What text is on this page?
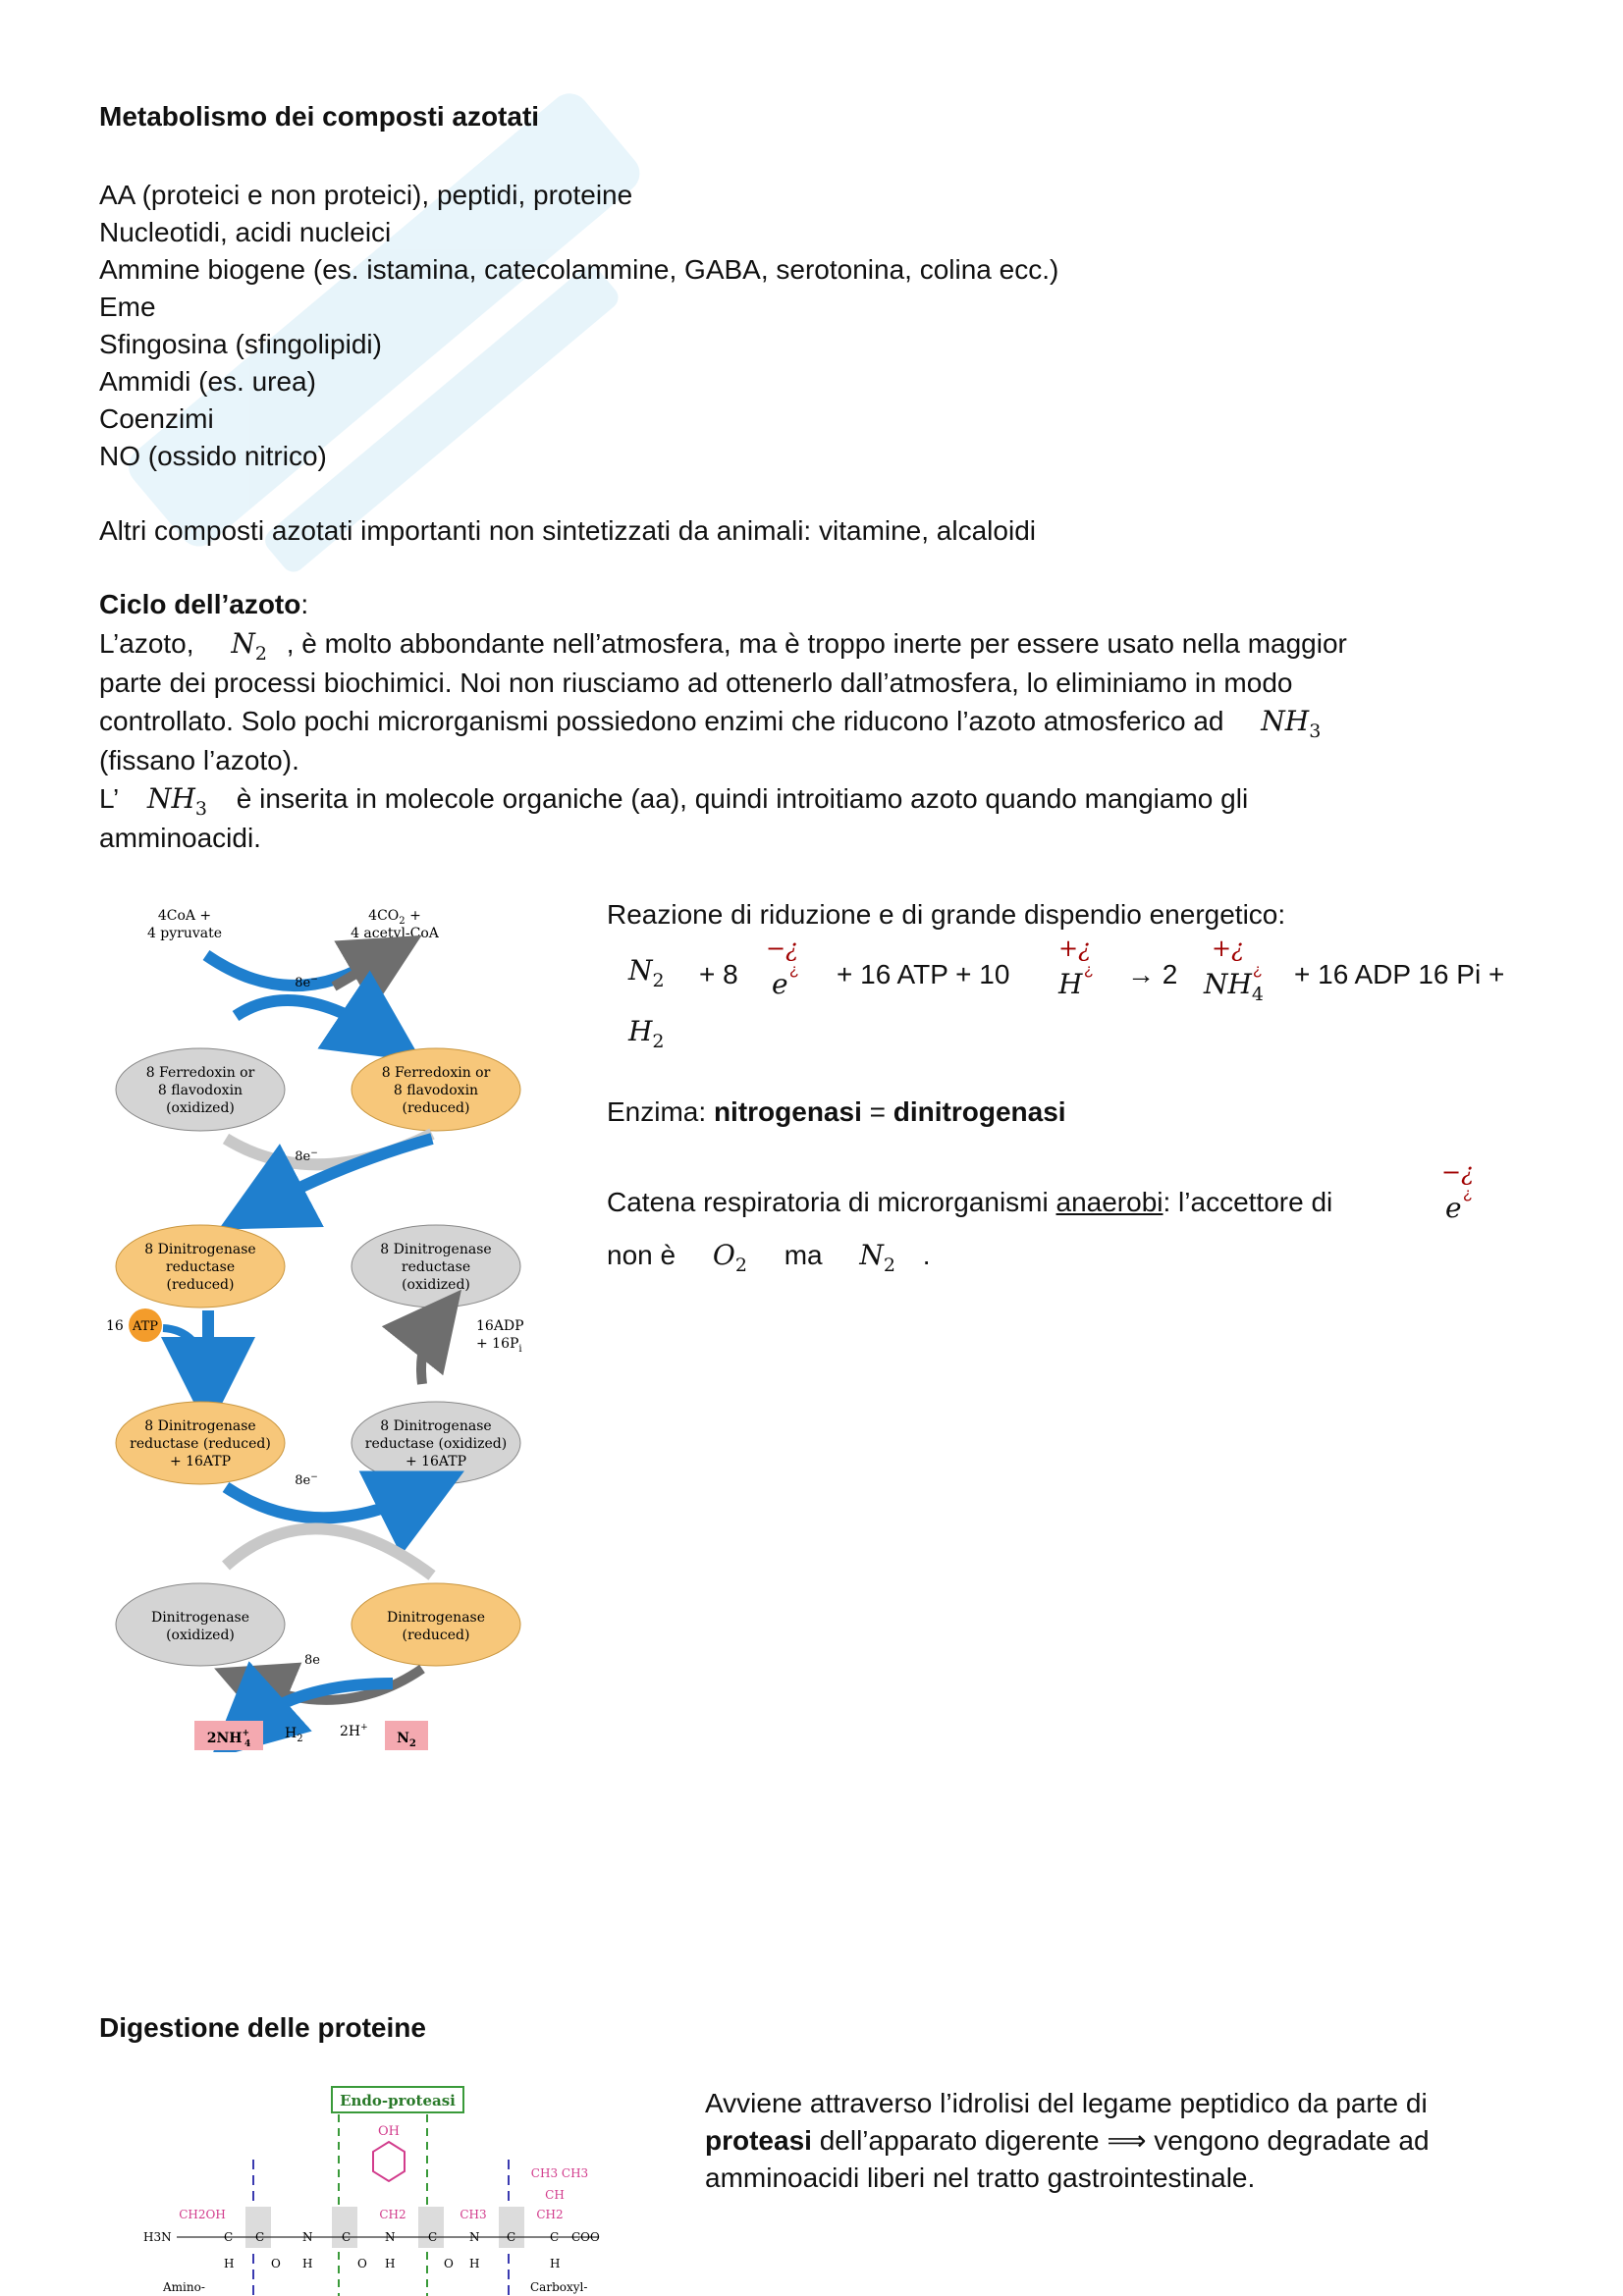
Metabolismo dei composti azotati
AA (proteici e non proteici), peptidi, proteine
Nucleotidi, acidi nucleici
Ammine biogene (es. istamina, catecolammine, GABA, serotonina, colina ecc.)
Eme
Sfingosina (sfingolipidi)
Ammidi (es. urea)
Coenzimi
NO (ossido nitrico)
Altri composti azotati importanti non sintetizzati da animali: vitamine, alcaloidi
Ciclo dell’azoto:
L’azoto, $N_2$ , è molto abbondante nell’atmosfera, ma è troppo inerte per essere usato nella maggior
parte dei processi biochimici. Noi non riusciamo ad ottenerlo dall’atmosfera, lo eliminiamo in modo
controllato. Solo pochi microrganismi possiedono enzimi che riducono l’azoto atmosferico ad $NH_3$
(fissano l’azoto).
L’ $NH_3$ è inserita in molecole organiche (aa), quindi introitiamo azoto quando mangiamo gli
amminoacidi.
4CoA +
4 pyruvate
$4CO_2$ +
4 acetyl-CoA
8e−
8 Ferredoxin or
8 flavodoxin
(oxidized)
8 Ferredoxin or
8 flavodoxin
(reduced)
8e−
8 Dinitrogenase
reductase
(reduced)
8 Dinitrogenase
reductase
(oxidized)
16 ATP	16ADP
+ $16P_i$
8 Dinitrogenase
reductase (reduced)
+ 16ATP
8 Dinitrogenase
reductase (oxidized)
+ 16ATP
8e−
Dinitrogenase
(oxidized)
Dinitrogenase
(reduced)
8e
2NH+ 4
$H_2$	2H+
$N_2$
Reazione di riduzione e di grande dispendio energetico:
$N_2 + 8$
−¿
e ¿ + 16 ATP + 10
+¿
H ¿ → 2
+¿
$NH_4$
¿ + 16 ADP 16 Pi +
$H_2$
Enzima: nitrogenasi = dinitrogenasi
Catena respiratoria di microrganismi anaerobi: l’accettore di
−¿
e ¿
non è $O_2$ ma $N_2$ .
Digestione delle proteine
Avviene attraverso l’idrolisi del legame peptidico da parte di
proteasi dell’apparato digerente ⟹ vengono degradate ad
amminoacidi liberi nel tratto gastrointestinale.
Endo-proteasi
OH
CH2OH
CH3 CH3
CH
CH2	CH3	CH2
H3N	C C	N C	N	C	N C	C COO
H	O H	O H	O H	H
Amino-	Carboxyl-
